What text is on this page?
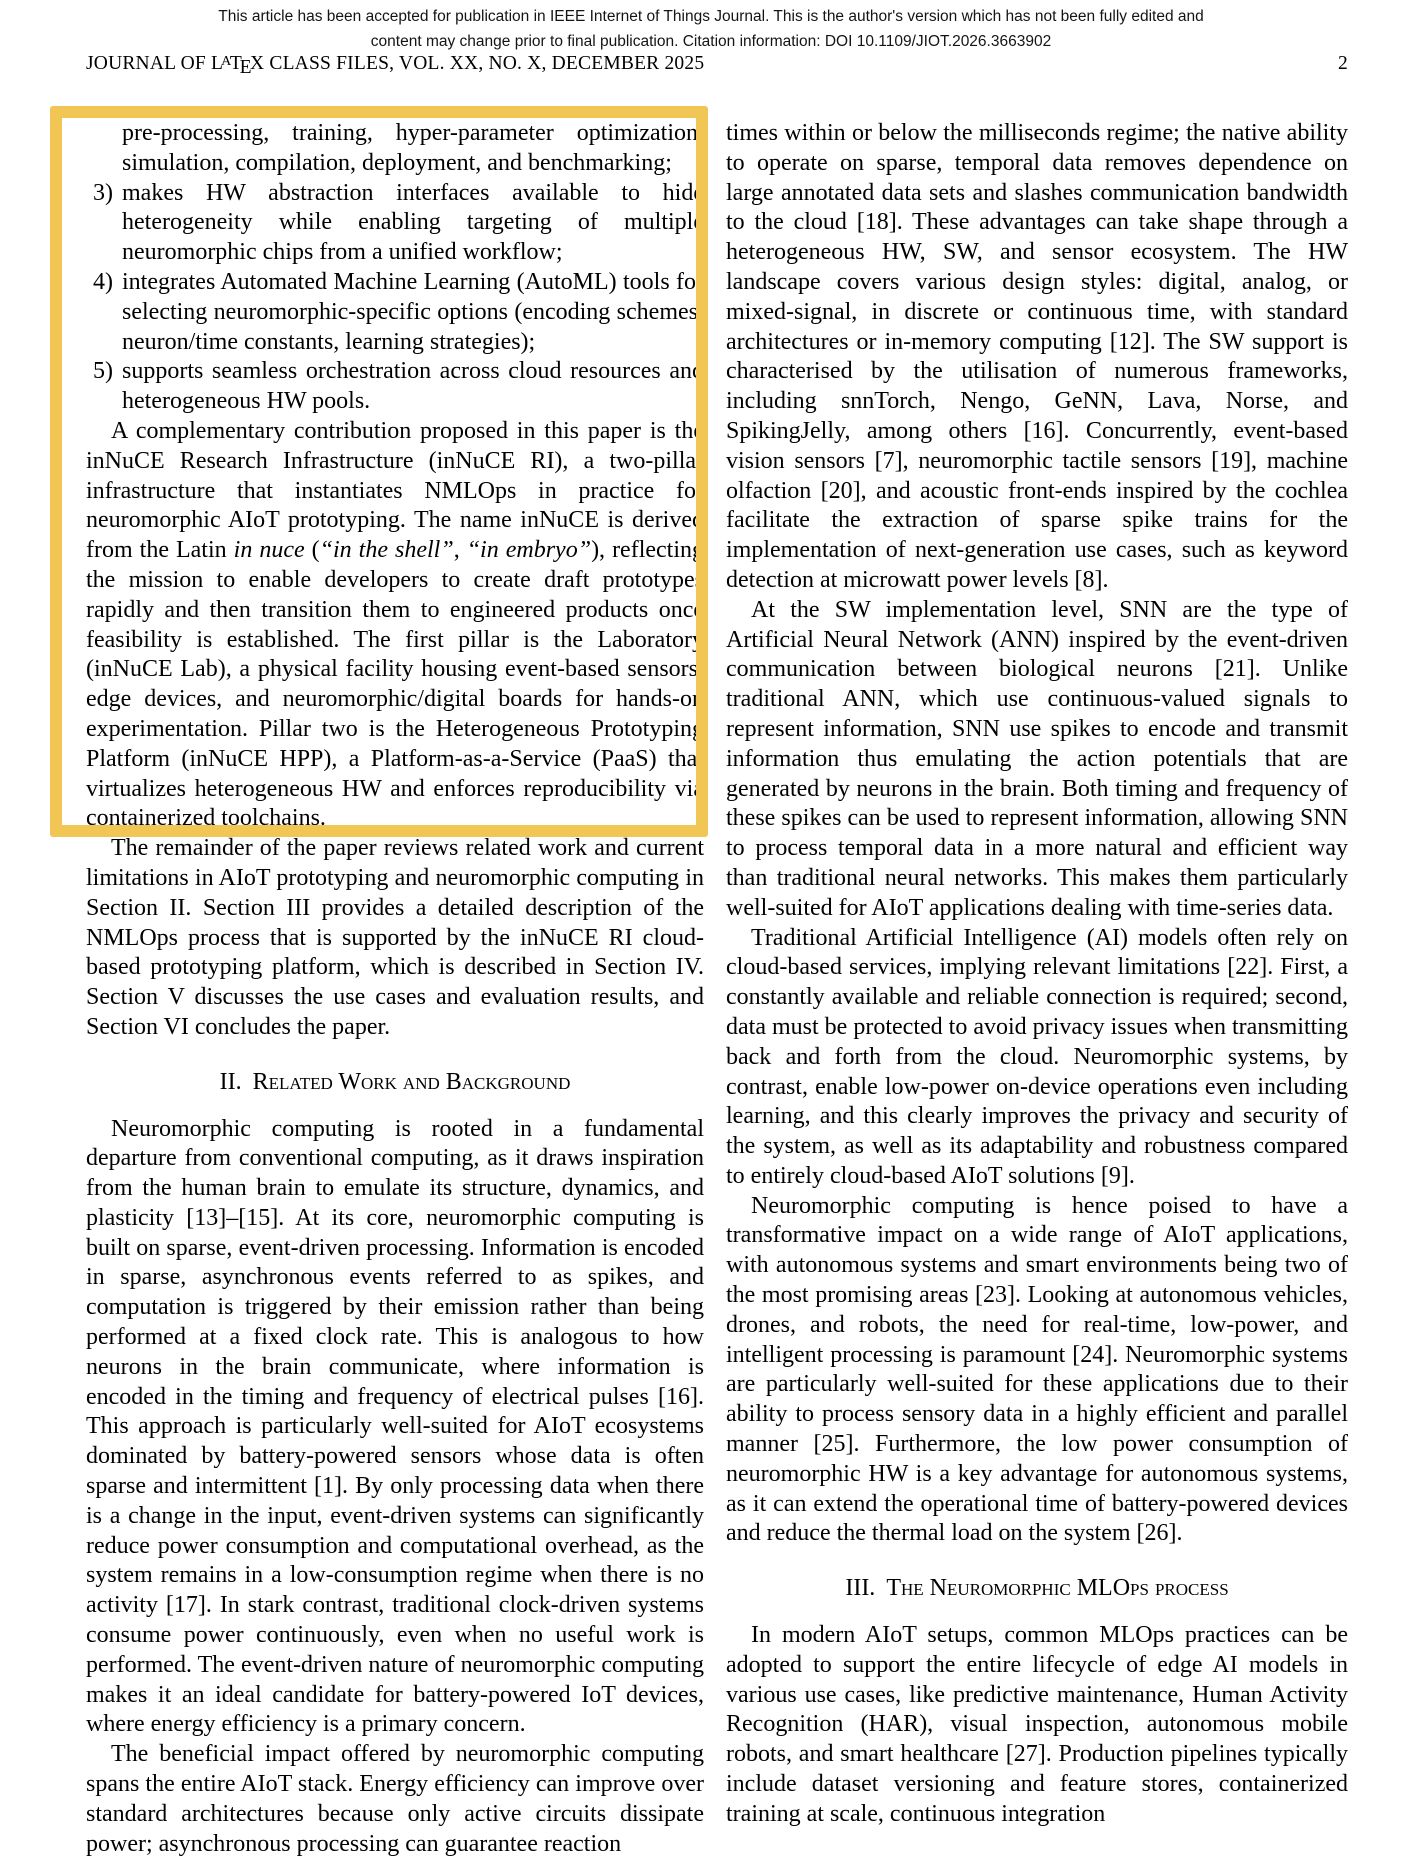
This article has been accepted for publication in IEEE Internet of Things Journal. This is the author's version which has not been fully edited and
content may change prior to final publication. Citation information: DOI 10.1109/JIOT.2026.3663902
JOURNAL OF $L^ATEX$ CLASS FILES, VOL. XX, NO. X, DECEMBER 2025	2
pre-processing, training, hyper-parameter optimization, simulation, compilation, deployment, and benchmarking;
3) makes HW abstraction interfaces available to hide heterogeneity while enabling targeting of multiple neuromorphic chips from a unified workflow;
4) integrates Automated Machine Learning (AutoML) tools for selecting neuromorphic-specific options (encoding schemes, neuron/time constants, learning strategies);
5) supports seamless orchestration across cloud resources and heterogeneous HW pools.

A complementary contribution proposed in this paper is the inNuCE Research Infrastructure (inNuCE RI), a two-pillar infrastructure that instantiates NMLOps in practice for neuromorphic AIoT prototyping. The name inNuCE is derived from the Latin in nuce (“in the shell”, “in embryo”), reflecting the mission to enable developers to create draft prototypes rapidly and then transition them to engineered products once feasibility is established. The first pillar is the Laboratory (inNuCE Lab), a physical facility housing event-based sensors, edge devices, and neuromorphic/digital boards for hands-on experimentation. Pillar two is the Heterogeneous Prototyping Platform (inNuCE HPP), a Platform-as-a-Service (PaaS) that virtualizes heterogeneous HW and enforces reproducibility via containerized toolchains.

The remainder of the paper reviews related work and current limitations in AIoT prototyping and neuromorphic computing in Section II. Section III provides a detailed description of the NMLOps process that is supported by the inNuCE RI cloud-based prototyping platform, which is described in Section IV. Section V discusses the use cases and evaluation results, and Section VI concludes the paper.

II. Related Work and Background

Neuromorphic computing is rooted in a fundamental departure from conventional computing, as it draws inspiration from the human brain to emulate its structure, dynamics, and plasticity [13]–[15]. At its core, neuromorphic computing is built on sparse, event-driven processing. Information is encoded in sparse, asynchronous events referred to as spikes, and computation is triggered by their emission rather than being performed at a fixed clock rate. This is analogous to how neurons in the brain communicate, where information is encoded in the timing and frequency of electrical pulses [16]. This approach is particularly well-suited for AIoT ecosystems dominated by battery-powered sensors whose data is often sparse and intermittent [1]. By only processing data when there is a change in the input, event-driven systems can significantly reduce power consumption and computational overhead, as the system remains in a low-consumption regime when there is no activity [17]. In stark contrast, traditional clock-driven systems consume power continuously, even when no useful work is performed. The event-driven nature of neuromorphic computing makes it an ideal candidate for battery-powered IoT devices, where energy efficiency is a primary concern.

The beneficial impact offered by neuromorphic computing spans the entire AIoT stack. Energy efficiency can improve over standard architectures because only active circuits dissipate power; asynchronous processing can guarantee reaction

times within or below the milliseconds regime; the native ability to operate on sparse, temporal data removes dependence on large annotated data sets and slashes communication bandwidth to the cloud [18]. These advantages can take shape through a heterogeneous HW, SW, and sensor ecosystem. The HW landscape covers various design styles: digital, analog, or mixed-signal, in discrete or continuous time, with standard architectures or in-memory computing [12]. The SW support is characterised by the utilisation of numerous frameworks, including snnTorch, Nengo, GeNN, Lava, Norse, and SpikingJelly, among others [16]. Concurrently, event-based vision sensors [7], neuromorphic tactile sensors [19], machine olfaction [20], and acoustic front-ends inspired by the cochlea facilitate the extraction of sparse spike trains for the implementation of next-generation use cases, such as keyword detection at microwatt power levels [8].

At the SW implementation level, SNN are the type of Artificial Neural Network (ANN) inspired by the event-driven communication between biological neurons [21]. Unlike traditional ANN, which use continuous-valued signals to represent information, SNN use spikes to encode and transmit information thus emulating the action potentials that are generated by neurons in the brain. Both timing and frequency of these spikes can be used to represent information, allowing SNN to process temporal data in a more natural and efficient way than traditional neural networks. This makes them particularly well-suited for AIoT applications dealing with time-series data.

Traditional Artificial Intelligence (AI) models often rely on cloud-based services, implying relevant limitations [22]. First, a constantly available and reliable connection is required; second, data must be protected to avoid privacy issues when transmitting back and forth from the cloud. Neuromorphic systems, by contrast, enable low-power on-device operations even including learning, and this clearly improves the privacy and security of the system, as well as its adaptability and robustness compared to entirely cloud-based AIoT solutions [9].

Neuromorphic computing is hence poised to have a transformative impact on a wide range of AIoT applications, with autonomous systems and smart environments being two of the most promising areas [23]. Looking at autonomous vehicles, drones, and robots, the need for real-time, low-power, and intelligent processing is paramount [24]. Neuromorphic systems are particularly well-suited for these applications due to their ability to process sensory data in a highly efficient and parallel manner [25]. Furthermore, the low power consumption of neuromorphic HW is a key advantage for autonomous systems, as it can extend the operational time of battery-powered devices and reduce the thermal load on the system [26].

III. The Neuromorphic MLOps process

In modern AIoT setups, common MLOps practices can be adopted to support the entire lifecycle of edge AI models in various use cases, like predictive maintenance, Human Activity Recognition (HAR), visual inspection, autonomous mobile robots, and smart healthcare [27]. Production pipelines typically include dataset versioning and feature stores, containerized training at scale, continuous integration
